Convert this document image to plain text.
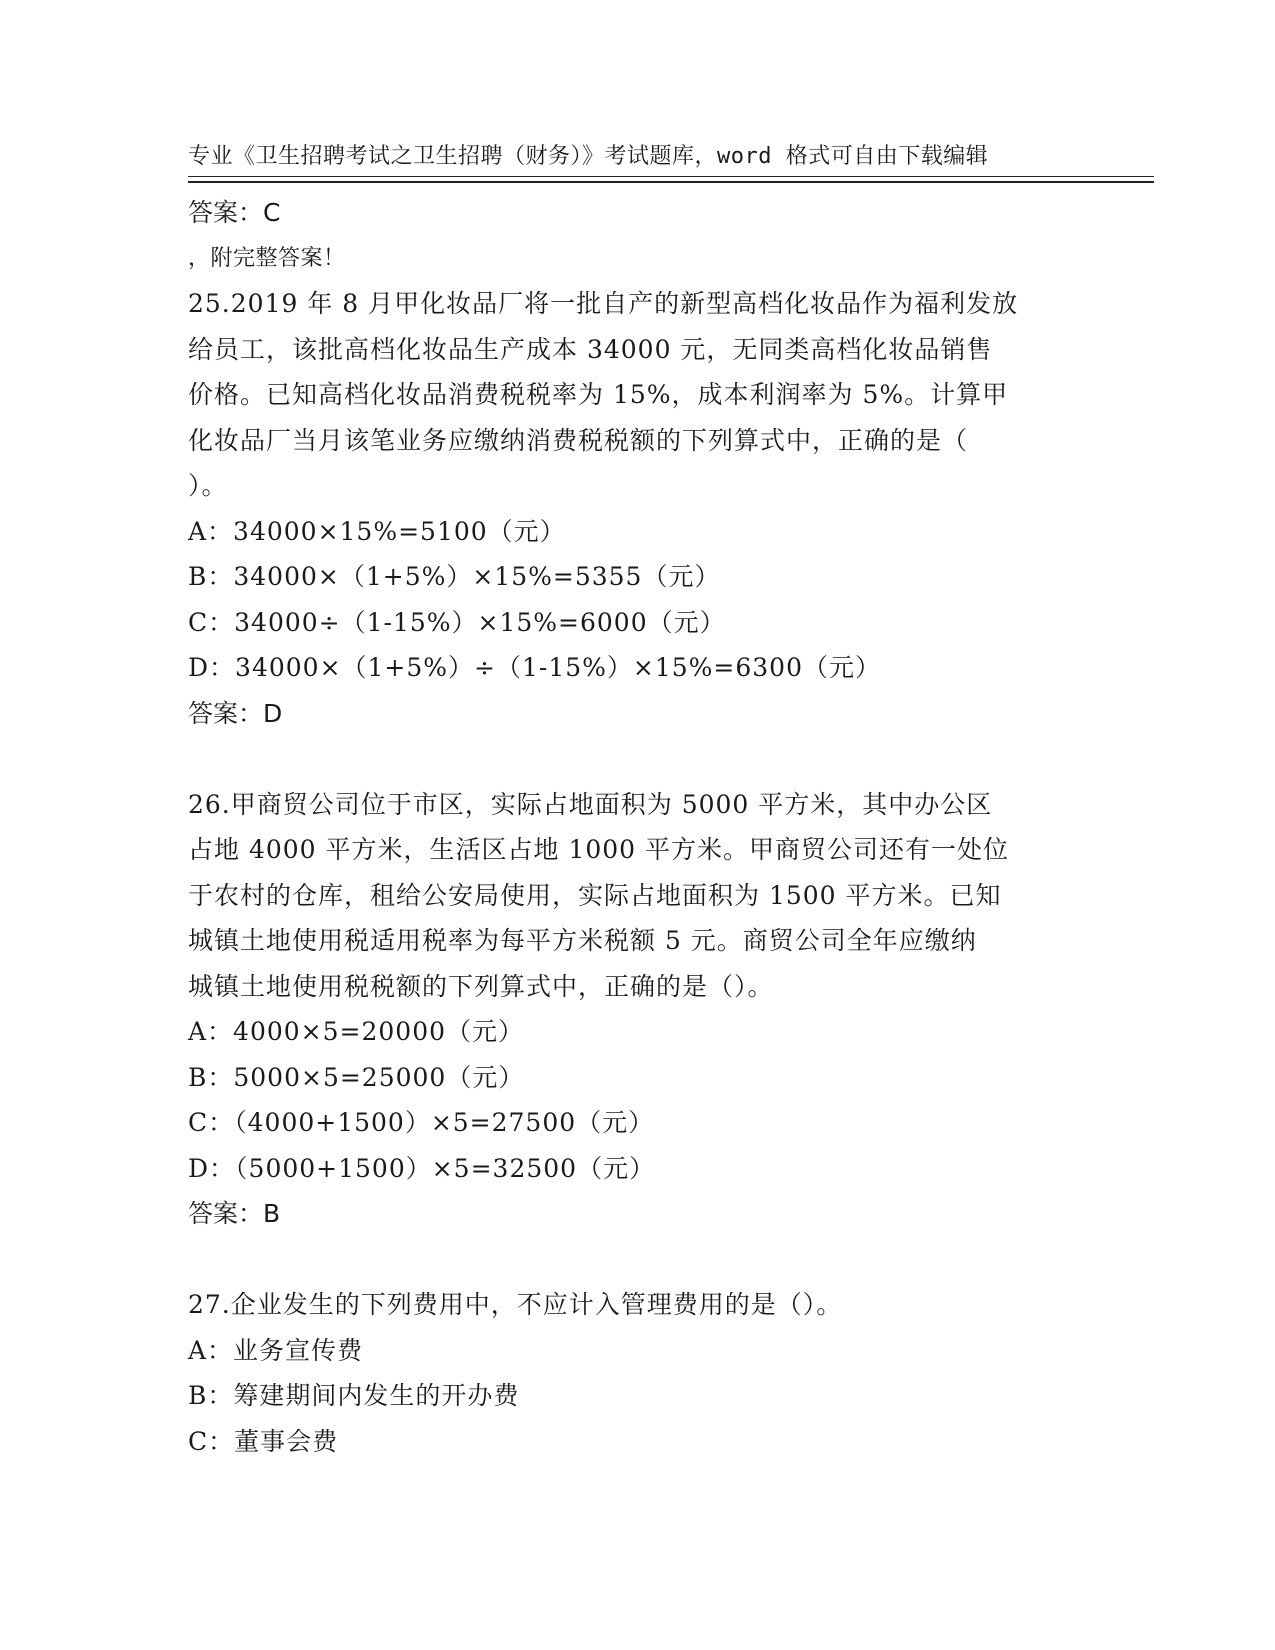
专业《卫生招聘考试之卫生招聘（财务）》考试题库，word 格式可自由下载编辑

，附完整答案！

答案：C
25.2019 年 8 月甲化妆品厂将一批自产的新型高档化妆品作为福利发放
给员工，该批高档化妆品生产成本 34000 元，无同类高档化妆品销售
价格。已知高档化妆品消费税税率为 15%，成本利润率为 5%。计算甲
化妆品厂当月该笔业务应缴纳消费税税额的下列算式中，正确的是（
）。
A：34000×15%=5100（元）
B：34000×（1+5%）×15%=5355（元）
C：34000÷（1-15%）×15%=6000（元）
D：34000×（1+5%）÷（1-15%）×15%=6300（元）
答案：D
26.甲商贸公司位于市区，实际占地面积为 5000 平方米，其中办公区
占地 4000 平方米，生活区占地 1000 平方米。甲商贸公司还有一处位
于农村的仓库，租给公安局使用，实际占地面积为 1500 平方米。已知
城镇土地使用税适用税率为每平方米税额 5 元。商贸公司全年应缴纳
城镇土地使用税税额的下列算式中，正确的是（）。
A：4000×5=20000（元）
B：5000×5=25000（元）
C：（4000+1500）×5=27500（元）
D：（5000+1500）×5=32500（元）
答案：B
27.企业发生的下列费用中，不应计入管理费用的是（）。
A：业务宣传费
B：筹建期间内发生的开办费
C：董事会费
